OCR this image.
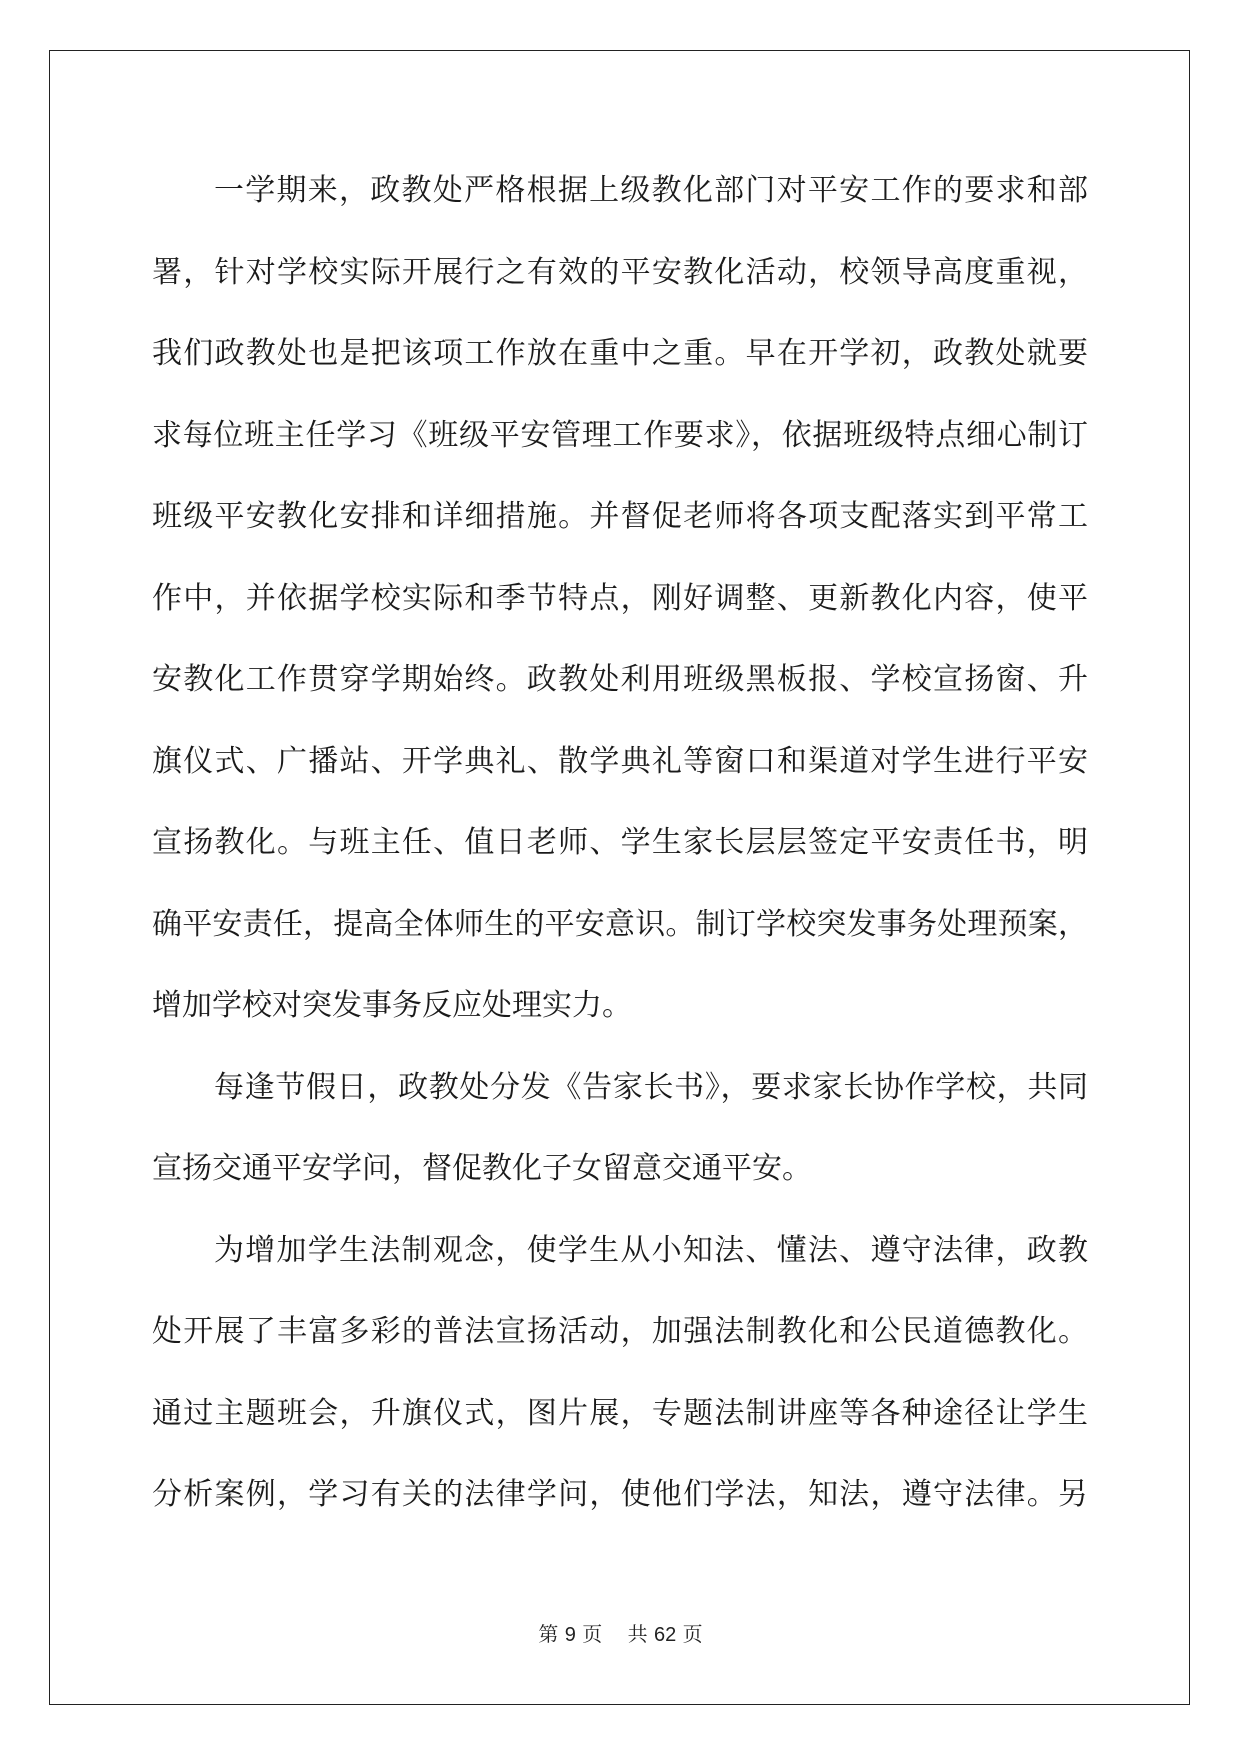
一学期来，政教处严格根据上级教化部门对平安工作的要求和部
署，针对学校实际开展行之有效的平安教化活动，校领导高度重视，
我们政教处也是把该项工作放在重中之重。早在开学初，政教处就要
求每位班主任学习《班级平安管理工作要求》，依据班级特点细心制订
班级平安教化安排和详细措施。并督促老师将各项支配落实到平常工
作中，并依据学校实际和季节特点，刚好调整、更新教化内容，使平
安教化工作贯穿学期始终。政教处利用班级黑板报、学校宣扬窗、升
旗仪式、广播站、开学典礼、散学典礼等窗口和渠道对学生进行平安
宣扬教化。与班主任、值日老师、学生家长层层签定平安责任书，明
确平安责任，提高全体师生的平安意识。制订学校突发事务处理预案，
增加学校对突发事务反应处理实力。
每逢节假日，政教处分发《告家长书》，要求家长协作学校，共同
宣扬交通平安学问，督促教化子女留意交通平安。
为增加学生法制观念，使学生从小知法、懂法、遵守法律，政教
处开展了丰富多彩的普法宣扬活动，加强法制教化和公民道德教化。
通过主题班会，升旗仪式，图片展，专题法制讲座等各种途径让学生
分析案例，学习有关的法律学问，使他们学法，知法，遵守法律。另
第 9 页 共 62 页
